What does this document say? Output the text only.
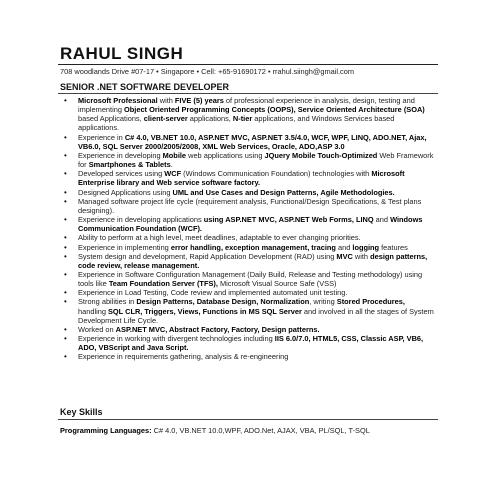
RAHUL SINGH
708 woodlands Drive #07-17 • Singapore • Cell: +65-91690172 • rrahul.siingh@gmail.com
SENIOR .NET SOFTWARE DEVELOPER
• Microsoft Professional with FIVE (5) years of professional experience in analysis, design, testing and implementing Object Oriented Programming Concepts (OOPS), Service Oriented Architecture (SOA) based Applications, client-server applications, N-tier applications, and Windows Services based applications.
• Experience in C# 4.0, VB.NET 10.0, ASP.NET MVC, ASP.NET 3.5/4.0, WCF, WPF, LINQ, ADO.NET, Ajax, VB6.0, SQL Server 2000/2005/2008, XML Web Services, Oracle, ADO,ASP 3.0
• Experience in developing Mobile web applications using JQuery Mobile Touch-Optimized Web Framework for Smartphones & Tablets.
• Developed services using WCF (Windows Communication Foundation) technologies with Microsoft Enterprise library and Web service software factory.
• Designed Applications using UML and Use Cases and Design Patterns, Agile Methodologies.
• Managed software project life cycle (requirement analysis, Functional/Design Specifications, & Test plans designing).
• Experience in developing applications using ASP.NET MVC, ASP.NET Web Forms, LINQ and Windows Communication Foundation (WCF).
• Ability to perform at a high level, meet deadlines, adaptable to ever changing priorities.
• Experience in implementing error handling, exception management, tracing and logging features
• System design and development, Rapid Application Development (RAD) using MVC with design patterns, code review, release management.
• Experience in Software Configuration Management (Daily Build, Release and Testing methodology) using tools like Team Foundation Server (TFS), Microsoft Visual Source Safe (VSS)
• Experience in Load Testing, Code review and implemented automated unit testing.
• Strong abilities in Design Patterns, Database Design, Normalization, writing Stored Procedures, handling SQL CLR, Triggers, Views, Functions in MS SQL Server and involved in all the stages of System Development Life Cycle.
• Worked on ASP.NET MVC, Abstract Factory, Factory, Design patterns.
• Experience in working with divergent technologies including IIS 6.0/7.0, HTML5, CSS, Classic ASP, VB6, ADO, VBScript and Java Script.
• Experience in requirements gathering, analysis & re-engineering
Key Skills
Programming Languages: C# 4.0, VB.NET 10.0,WPF, ADO.Net, AJAX, VBA, PL/SQL, T-SQL
